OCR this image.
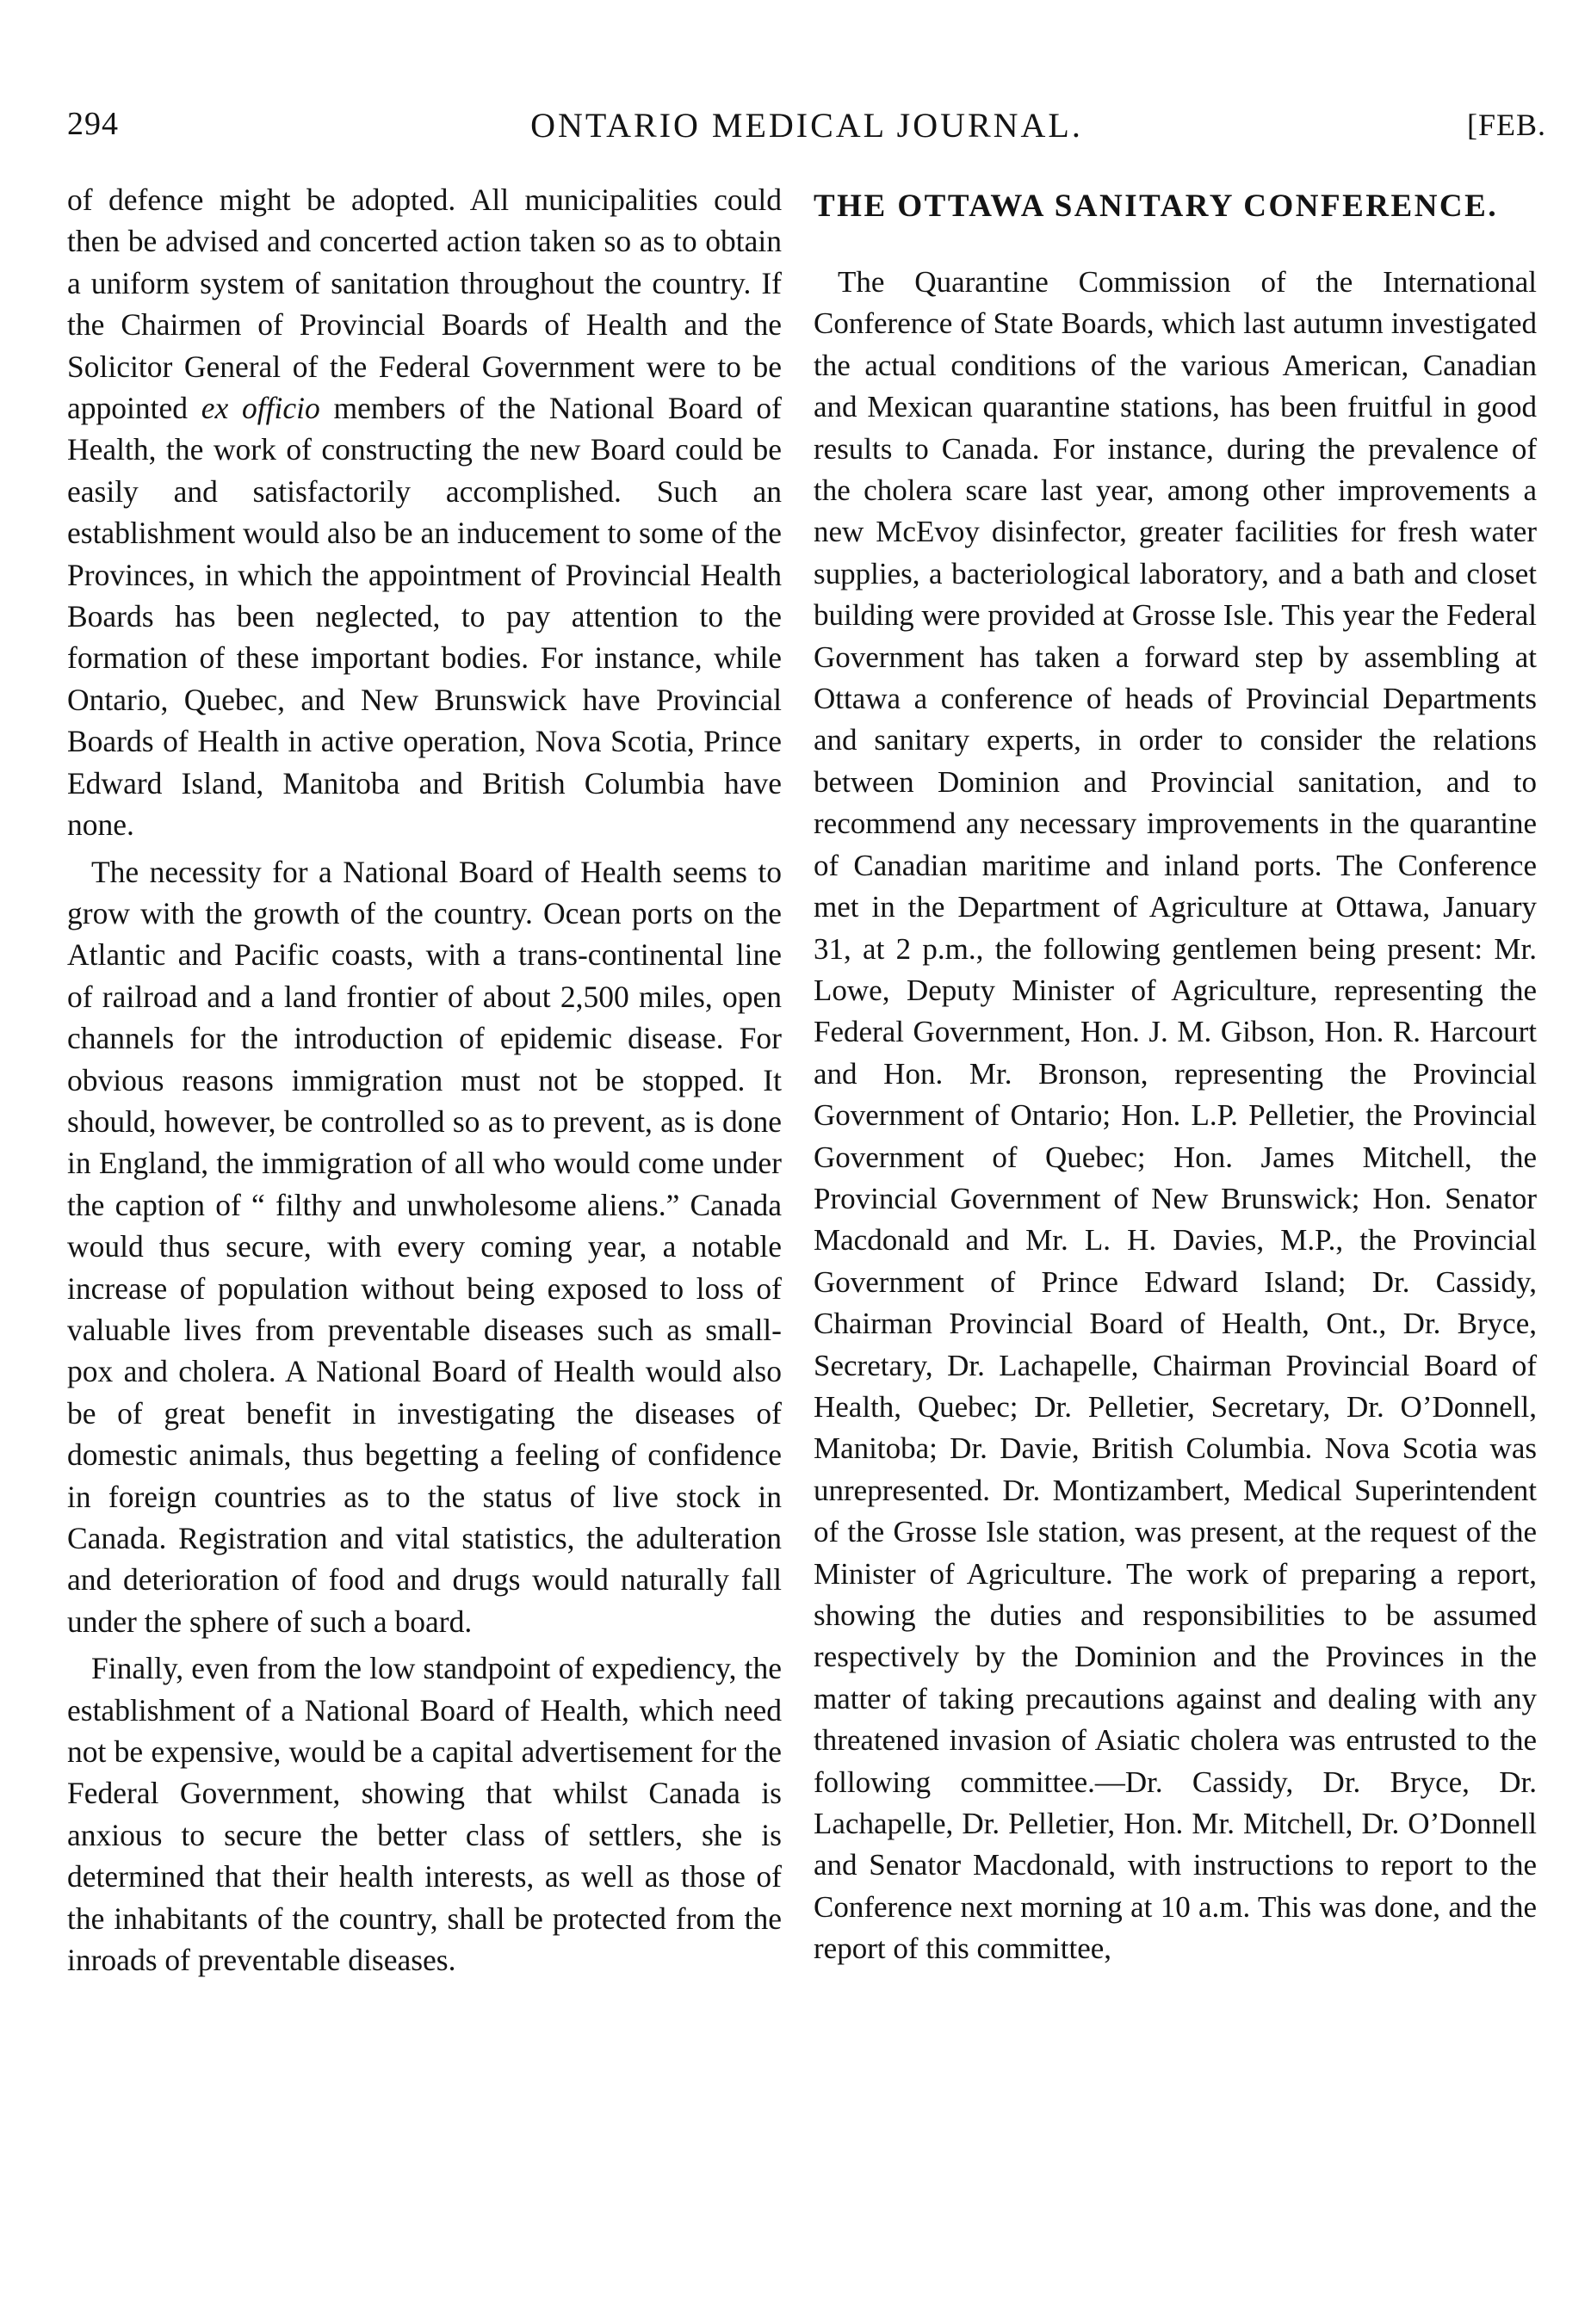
294	ONTARIO MEDICAL JOURNAL.	[FEB.

of defence might be adopted. All municipalities could then be advised and concerted action taken so as to obtain a uniform system of sanitation throughout the country. If the Chairmen of Provincial Boards of Health and the Solicitor General of the Federal Government were to be appointed ex officio members of the National Board of Health, the work of constructing the new Board could be easily and satisfactorily accomplished. Such an establishment would also be an inducement to some of the Provinces, in which the appointment of Provincial Health Boards has been neglected, to pay attention to the formation of these important bodies. For instance, while Ontario, Quebec, and New Brunswick have Provincial Boards of Health in active operation, Nova Scotia, Prince Edward Island, Manitoba and British Columbia have none.

The necessity for a National Board of Health seems to grow with the growth of the country. Ocean ports on the Atlantic and Pacific coasts, with a trans-continental line of railroad and a land frontier of about 2,500 miles, open channels for the introduction of epidemic disease. For obvious reasons immigration must not be stopped. It should, however, be controlled so as to prevent, as is done in England, the immigration of all who would come under the caption of “ filthy and unwholesome aliens.” Canada would thus secure, with every coming year, a notable increase of population without being exposed to loss of valuable lives from preventable diseases such as small-pox and cholera. A National Board of Health would also be of great benefit in investigating the diseases of domestic animals, thus begetting a feeling of confidence in foreign countries as to the status of live stock in Canada. Registration and vital statistics, the adulteration and deterioration of food and drugs would naturally fall under the sphere of such a board.

Finally, even from the low standpoint of expediency, the establishment of a National Board of Health, which need not be expensive, would be a capital advertisement for the Federal Government, showing that whilst Canada is anxious to secure the better class of settlers, she is determined that their health interests, as well as those of the inhabitants of the country, shall be protected from the inroads of preventable diseases.

THE OTTAWA SANITARY CONFERENCE.

The Quarantine Commission of the International Conference of State Boards, which last autumn investigated the actual conditions of the various American, Canadian and Mexican quarantine stations, has been fruitful in good results to Canada. For instance, during the prevalence of the cholera scare last year, among other improvements a new McEvoy disinfector, greater facilities for fresh water supplies, a bacteriological laboratory, and a bath and closet building were provided at Grosse Isle. This year the Federal Government has taken a forward step by assembling at Ottawa a conference of heads of Provincial Departments and sanitary experts, in order to consider the relations between Dominion and Provincial sanitation, and to recommend any necessary improvements in the quarantine of Canadian maritime and inland ports. The Conference met in the Department of Agriculture at Ottawa, January 31, at 2 p.m., the following gentlemen being present: Mr. Lowe, Deputy Minister of Agriculture, representing the Federal Government, Hon. J. M. Gibson, Hon. R. Harcourt and Hon. Mr. Bronson, representing the Provincial Government of Ontario; Hon. L.P. Pelletier, the Provincial Government of Quebec; Hon. James Mitchell, the Provincial Government of New Brunswick; Hon. Senator Macdonald and Mr. L. H. Davies, M.P., the Provincial Government of Prince Edward Island; Dr. Cassidy, Chairman Provincial Board of Health, Ont., Dr. Bryce, Secretary, Dr. Lachapelle, Chairman Provincial Board of Health, Quebec; Dr. Pelletier, Secretary, Dr. O’Donnell, Manitoba; Dr. Davie, British Columbia. Nova Scotia was unrepresented. Dr. Montizambert, Medical Superintendent of the Grosse Isle station, was present, at the request of the Minister of Agriculture. The work of preparing a report, showing the duties and responsibilities to be assumed respectively by the Dominion and the Provinces in the matter of taking precautions against and dealing with any threatened invasion of Asiatic cholera was entrusted to the following committee.—Dr. Cassidy, Dr. Bryce, Dr. Lachapelle, Dr. Pelletier, Hon. Mr. Mitchell, Dr. O’Donnell and Senator Macdonald, with instructions to report to the Conference next morning at 10 a.m. This was done, and the report of this committee,
